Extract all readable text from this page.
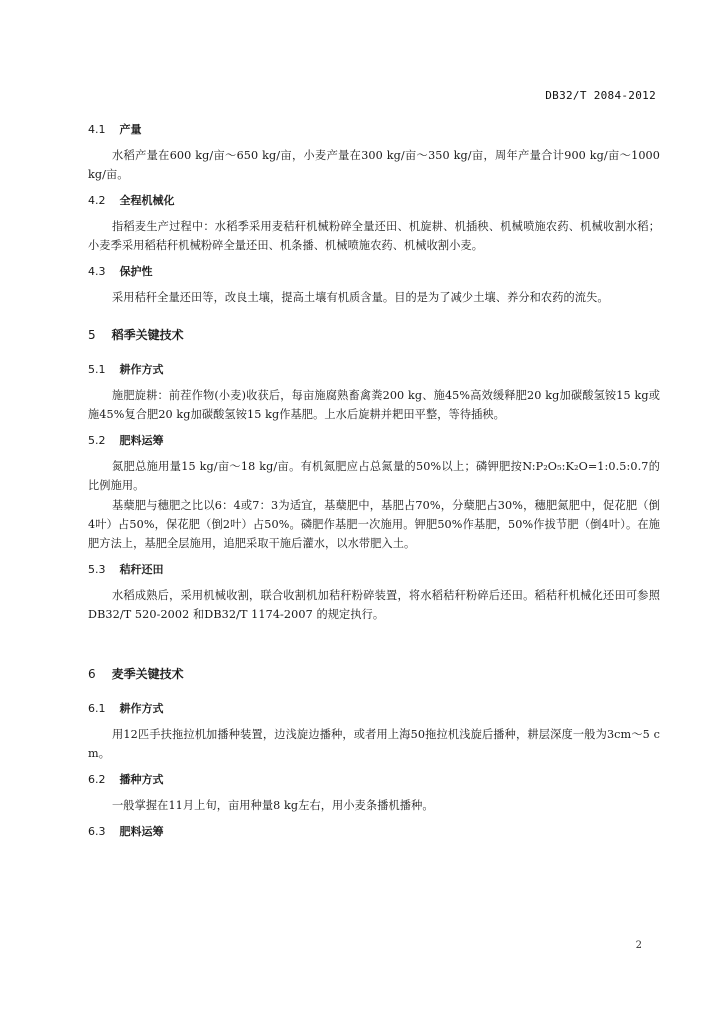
DB32/T 2084-2012
4.1 产量

水稻产量在600 kg/亩～650 kg/亩，小麦产量在300 kg/亩～350 kg/亩，周年产量合计900 kg/亩～1000 kg/亩。

4.2 全程机械化

指稻麦生产过程中：水稻季采用麦秸秆机械粉碎全量还田、机旋耕、机插秧、机械喷施农药、机械收割水稻；小麦季采用稻秸秆机械粉碎全量还田、机条播、机械喷施农药、机械收割小麦。

4.3 保护性

采用秸秆全量还田等，改良土壤，提高土壤有机质含量。目的是为了减少土壤、养分和农药的流失。

5 稻季关键技术
5.1 耕作方式

施肥旋耕：前茬作物(小麦)收获后，每亩施腐熟畜禽粪200 kg、施45%高效缓释肥20 kg加碳酸氢铵15 kg或施45%复合肥20 kg加碳酸氢铵15 kg作基肥。上水后旋耕并耙田平整，等待插秧。

5.2 肥料运筹

氮肥总施用量15 kg/亩～18 kg/亩。有机氮肥应占总氮量的50%以上；磷钾肥按N:P₂O₅:K₂O=1:0.5:0.7的比例施用。

基蘖肥与穗肥之比以6：4或7：3为适宜，基蘖肥中，基肥占70%，分蘖肥占30%，穗肥氮肥中，促花肥（倒4叶）占50%，保花肥（倒2叶）占50%。磷肥作基肥一次施用。钾肥50%作基肥，50%作拔节肥（倒4叶）。在施肥方法上，基肥全层施用，追肥采取干施后灌水，以水带肥入土。

5.3 秸秆还田

水稻成熟后，采用机械收割，联合收割机加秸秆粉碎装置，将水稻秸秆粉碎后还田。稻秸秆机械化还田可参照DB32/T 520-2002 和DB32/T 1174-2007 的规定执行。

6 麦季关键技术
6.1 耕作方式

用12匹手扶拖拉机加播种装置，边浅旋边播种，或者用上海50拖拉机浅旋后播种，耕层深度一般为3cm～5 cm。

6.2 播种方式

一般掌握在11月上旬，亩用种量8 kg左右，用小麦条播机播种。

6.3 肥料运筹
2
